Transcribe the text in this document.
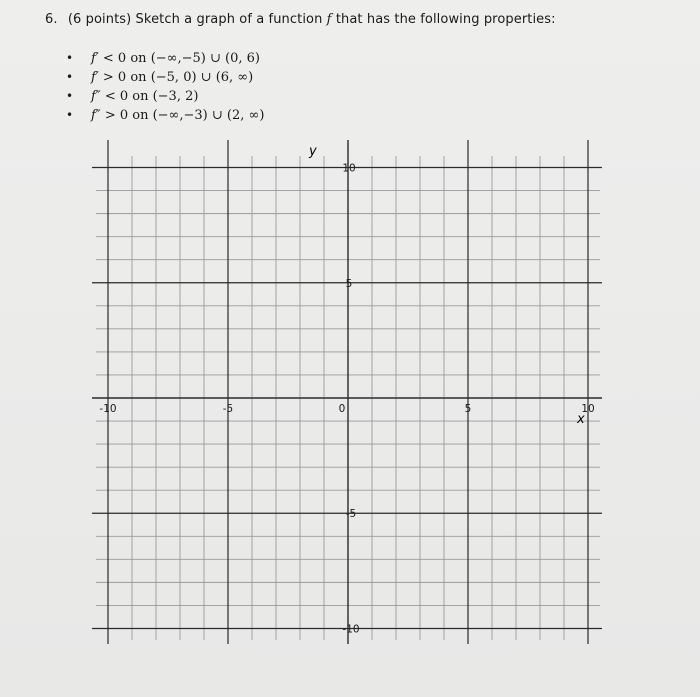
6. (6 points) Sketch a graph of a function f that has the following properties:
• f′ < 0 on (−∞,−5) ∪ (0, 6)
• f′ > 0 on (−5, 0) ∪ (6, ∞)
• f″ < 0 on (−3, 2)
• f″ > 0 on (−∞,−3) ∪ (2, ∞)
-10	-5	0	5	10
10
5
-5
-10
x
y
